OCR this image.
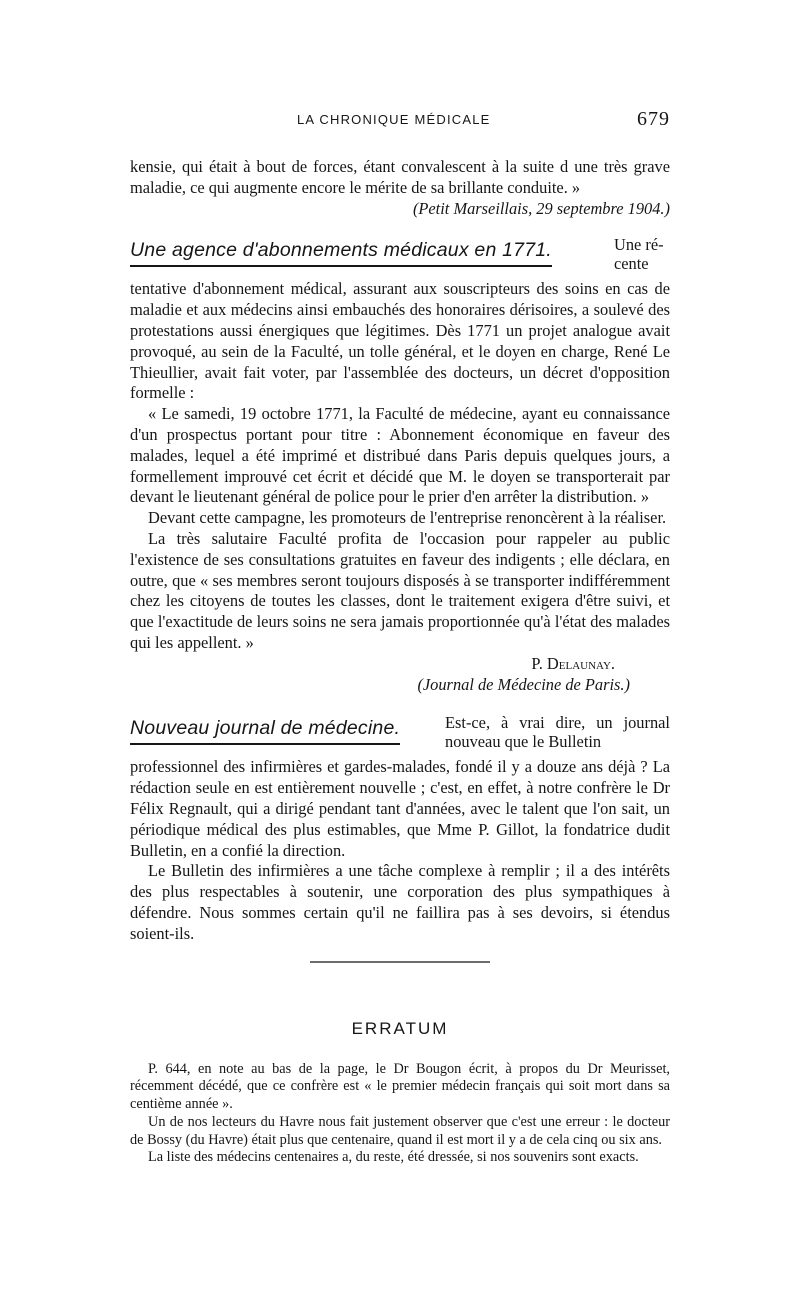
LA CHRONIQUE MÉDICALE	679

kensie, qui était à bout de forces, étant convalescent à la suite d une très grave maladie, ce qui augmente encore le mérite de sa brillante conduite. »

(Petit Marseillais, 29 septembre 1904.)
Une agence d'abonnements médicaux en 1771.	Une ré- cente

tentative d'abonnement médical, assurant aux souscripteurs des soins en cas de maladie et aux médecins ainsi embauchés des honoraires dérisoires, a soulevé des protestations aussi énergiques que légitimes. Dès 1771 un projet analogue avait provoqué, au sein de la Faculté, un tolle général, et le doyen en charge, René Le Thieullier, avait fait voter, par l'assemblée des docteurs, un décret d'opposition formelle :

« Le samedi, 19 octobre 1771, la Faculté de médecine, ayant eu connaissance d'un prospectus portant pour titre : Abonnement économique en faveur des malades, lequel a été imprimé et distribué dans Paris depuis quelques jours, a formellement improuvé cet écrit et décidé que M. le doyen se transporterait par devant le lieutenant général de police pour le prier d'en arrêter la distribution. »

Devant cette campagne, les promoteurs de l'entreprise renoncèrent à la réaliser.

La très salutaire Faculté profita de l'occasion pour rappeler au public l'existence de ses consultations gratuites en faveur des indigents ; elle déclara, en outre, que « ses membres seront toujours disposés à se transporter indifféremment chez les citoyens de toutes les classes, dont le traitement exigera d'être suivi, et que l'exactitude de leurs soins ne sera jamais proportionnée qu'à l'état des malades qui les appellent. »

P. Delaunay.
(Journal de Médecine de Paris.)
Nouveau journal de médecine.	Est-ce, à vrai dire, un journal nouveau que le Bulletin

professionnel des infirmières et gardes-malades, fondé il y a douze ans déjà ? La rédaction seule en est entièrement nouvelle ; c'est, en effet, à notre confrère le Dr Félix Regnault, qui a dirigé pendant tant d'années, avec le talent que l'on sait, un périodique médical des plus estimables, que Mme P. Gillot, la fondatrice dudit Bulletin, en a confié la direction.

Le Bulletin des infirmières a une tâche complexe à remplir ; il a des intérêts des plus respectables à soutenir, une corporation des plus sympathiques à défendre. Nous sommes certain qu'il ne faillira pas à ses devoirs, si étendus soient-ils.

ERRATUM

P. 644, en note au bas de la page, le Dr Bougon écrit, à propos du Dr Meurisset, récemment décédé, que ce confrère est « le premier médecin français qui soit mort dans sa centième année ».

Un de nos lecteurs du Havre nous fait justement observer que c'est une erreur : le docteur de Bossy (du Havre) était plus que centenaire, quand il est mort il y a de cela cinq ou six ans.

La liste des médecins centenaires a, du reste, été dressée, si nos souvenirs sont exacts.
